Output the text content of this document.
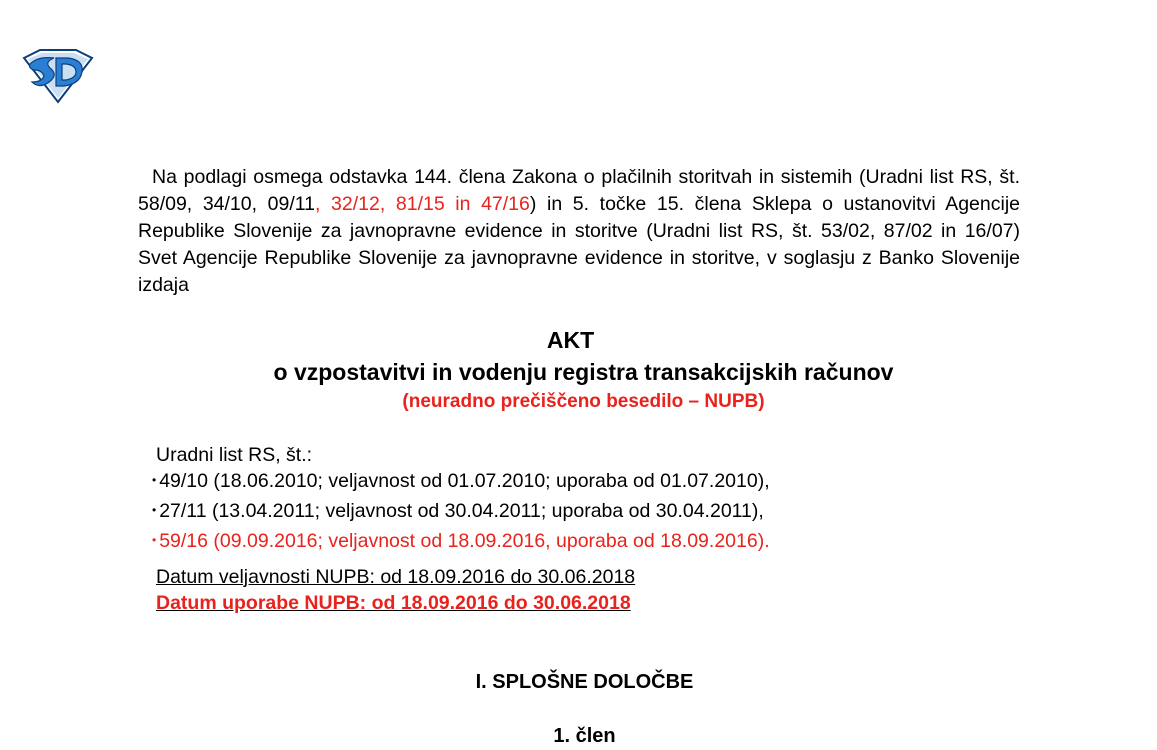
Na podlagi osmega odstavka 144. člena Zakona o plačilnih storitvah in sistemih (Uradni list RS, št. 58/09, 34/10, 09/11, 32/12, 81/15 in 47/16) in 5. točke 15. člena Sklepa o ustanovitvi Agencije Republike Slovenije za javnopravne evidence in storitve (Uradni list RS, št. 53/02, 87/02 in 16/07) Svet Agencije Republike Slovenije za javnopravne evidence in storitve, v soglasju z Banko Slovenije izdaja
AKT
o vzpostavitvi in vodenju registra transakcijskih računov
(neuradno prečiščeno besedilo – NUPB)
Uradni list RS, št.:
• 49/10 (18.06.2010; veljavnost od 01.07.2010; uporaba od 01.07.2010),
• 27/11 (13.04.2011; veljavnost od 30.04.2011; uporaba od 30.04.2011),
• 59/16 (09.09.2016; veljavnost od 18.09.2016, uporaba od 18.09.2016).
Datum veljavnosti NUPB: od 18.09.2016 do 30.06.2018
Datum uporabe NUPB: od 18.09.2016 do 30.06.2018
I. SPLOŠNE DOLOČBE
1. člen
